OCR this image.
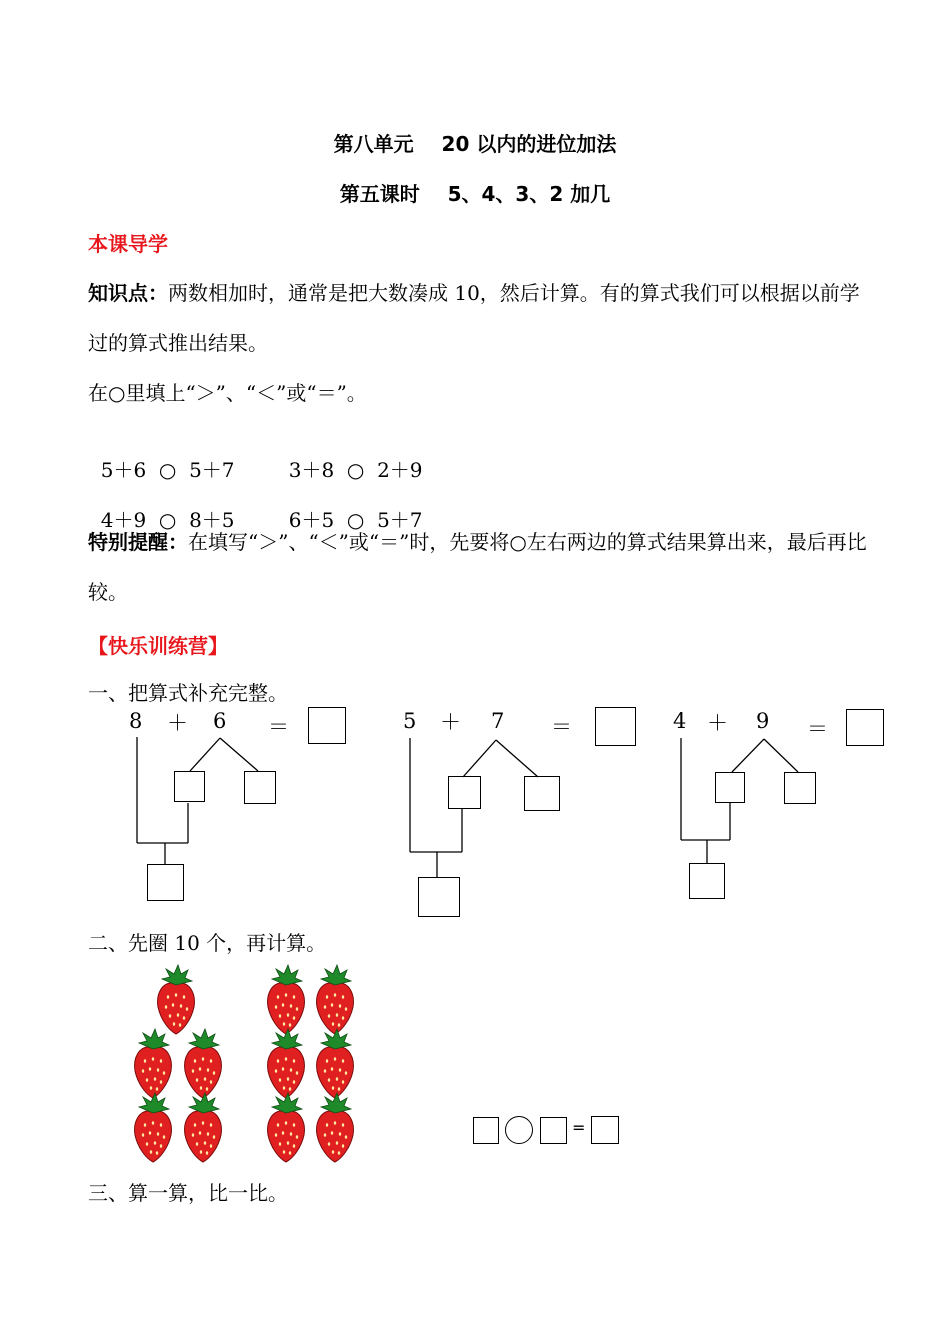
第八单元    20 以内的进位加法
第五课时    5、4、3、2 加几
本课导学
知识点：两数相加时，通常是把大数凑成 10，然后计算。有的算式我们可以根据以前学过的算式推出结果。
在○里填上“＞”、“＜”或“＝”。

5＋6 ○ 5＋7	3＋8 ○ 2＋9

4＋9 ○ 8＋5	6＋5 ○ 5＋7

特别提醒：在填写“＞”、“＜”或“＝”时，先要将○左右两边的算式结果算出来，最后再比较。
【快乐训练营】
一、把算式补充完整。
8 ＋ 6 ＝	5 ＋ 7 ＝	4 ＋ 9 ＝
二、先圈 10 个，再计算。
=
三、算一算，比一比。
